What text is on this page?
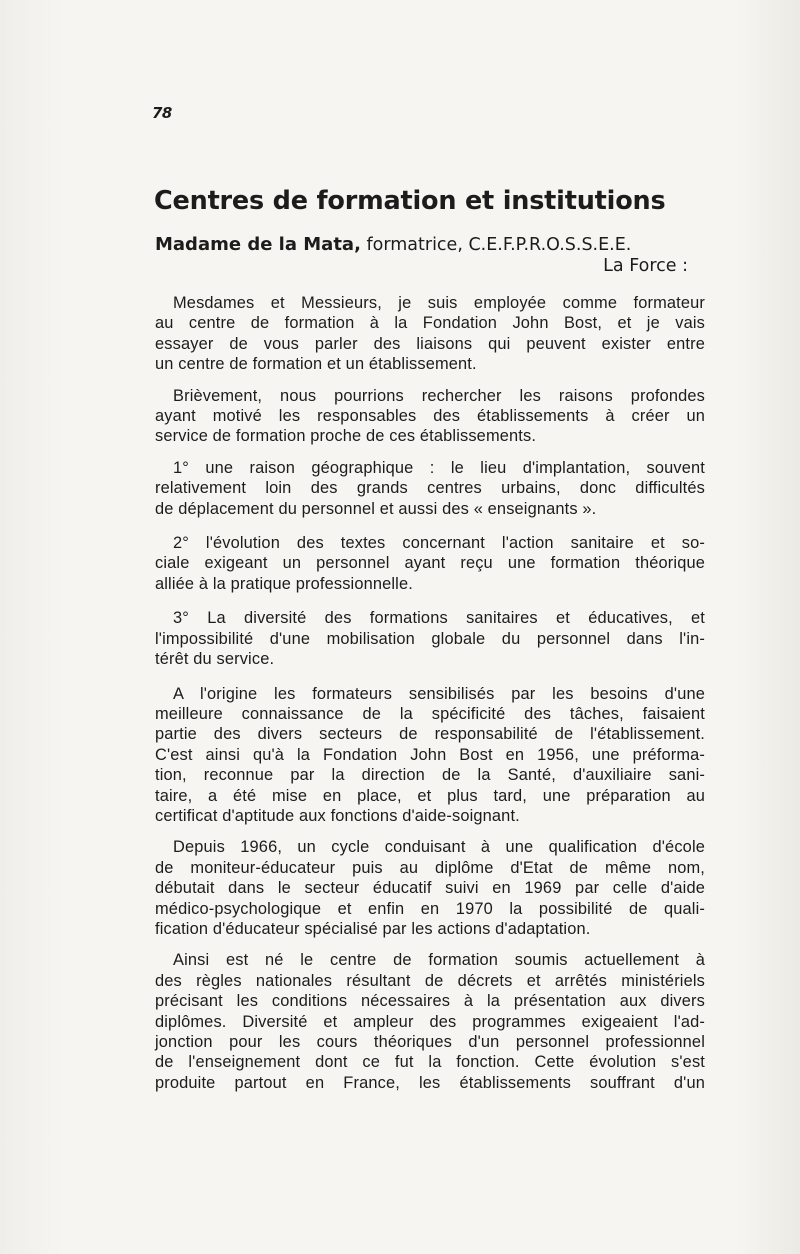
78
Centres de formation et institutions
Madame de la Mata, formatrice, C.E.F.P.R.O.S.S.E.E.
La Force :

Mesdames et Messieurs, je suis employée comme formateur
au centre de formation à la Fondation John Bost, et je vais
essayer de vous parler des liaisons qui peuvent exister entre
un centre de formation et un établissement.

Brièvement, nous pourrions rechercher les raisons profondes
ayant motivé les responsables des établissements à créer un
service de formation proche de ces établissements.

1° une raison géographique : le lieu d'implantation, souvent
relativement loin des grands centres urbains, donc difficultés
de déplacement du personnel et aussi des « enseignants ».

2° l'évolution des textes concernant l'action sanitaire et so-
ciale exigeant un personnel ayant reçu une formation théorique
alliée à la pratique professionnelle.

3° La diversité des formations sanitaires et éducatives, et
l'impossibilité d'une mobilisation globale du personnel dans l'in-
térêt du service.

A l'origine les formateurs sensibilisés par les besoins d'une
meilleure connaissance de la spécificité des tâches, faisaient
partie des divers secteurs de responsabilité de l'établissement.
C'est ainsi qu'à la Fondation John Bost en 1956, une préforma-
tion, reconnue par la direction de la Santé, d'auxiliaire sani-
taire, a été mise en place, et plus tard, une préparation au
certificat d'aptitude aux fonctions d'aide-soignant.

Depuis 1966, un cycle conduisant à une qualification d'école
de moniteur-éducateur puis au diplôme d'Etat de même nom,
débutait dans le secteur éducatif suivi en 1969 par celle d'aide
médico-psychologique et enfin en 1970 la possibilité de quali-
fication d'éducateur spécialisé par les actions d'adaptation.

Ainsi est né le centre de formation soumis actuellement à
des règles nationales résultant de décrets et arrêtés ministériels
précisant les conditions nécessaires à la présentation aux divers
diplômes. Diversité et ampleur des programmes exigeaient l'ad-
jonction pour les cours théoriques d'un personnel professionnel
de l'enseignement dont ce fut la fonction. Cette évolution s'est
produite partout en France, les établissements souffrant d'un
